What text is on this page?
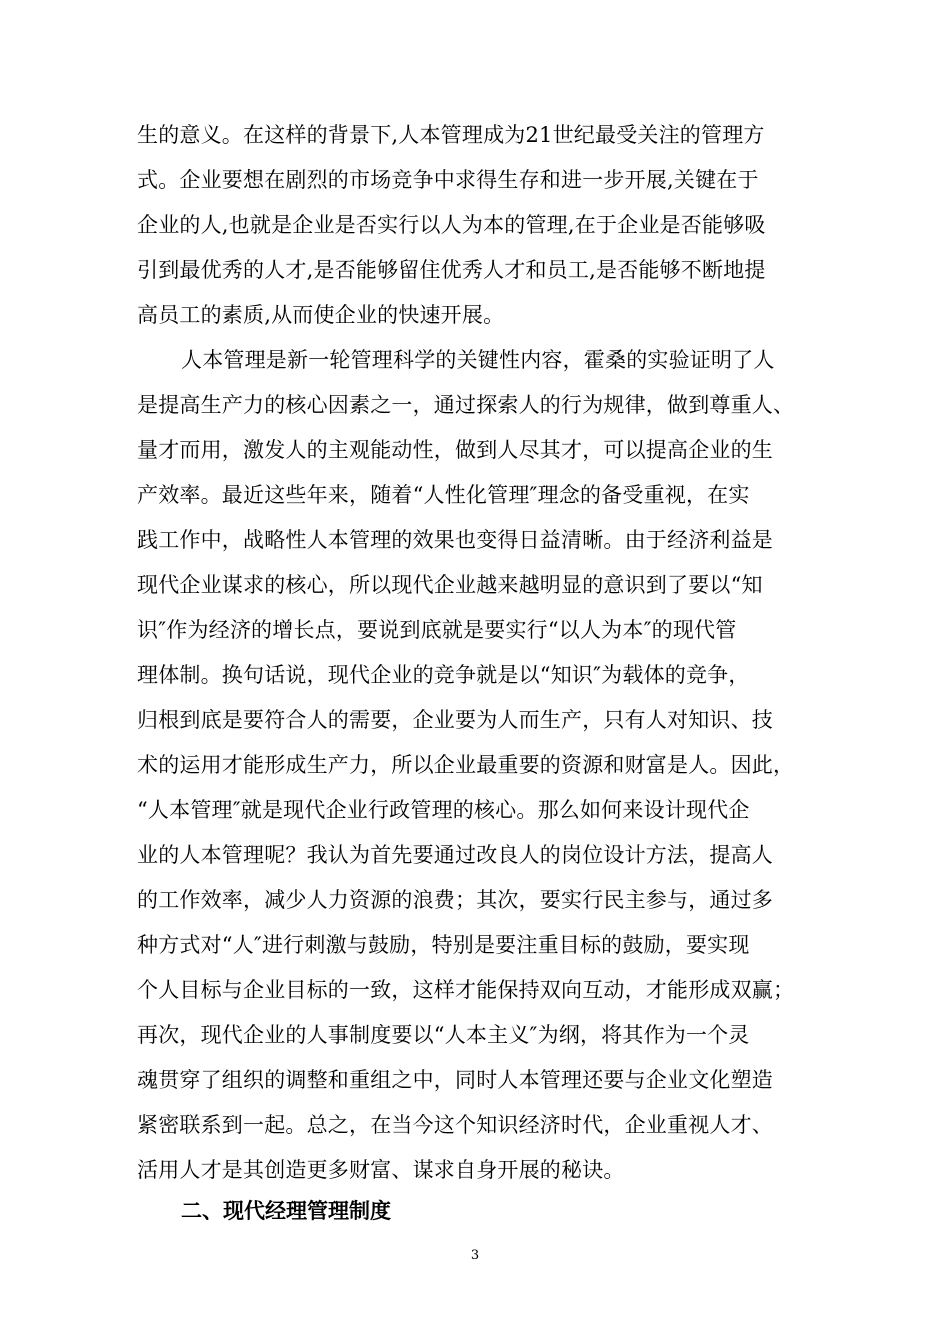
生的意义。在这样的背景下,人本管理成为21世纪最受关注的管理方
式。企业要想在剧烈的市场竞争中求得生存和进一步开展,关键在于
企业的人,也就是企业是否实行以人为本的管理,在于企业是否能够吸
引到最优秀的人才,是否能够留住优秀人才和员工,是否能够不断地提
高员工的素质,从而使企业的快速开展。
人本管理是新一轮管理科学的关键性内容，霍桑的实验证明了人
是提高生产力的核心因素之一，通过探索人的行为规律，做到尊重人、
量才而用，激发人的主观能动性，做到人尽其才，可以提高企业的生
产效率。最近这些年来，随着“人性化管理″理念的备受重视，在实
践工作中，战略性人本管理的效果也变得日益清晰。由于经济利益是
现代企业谋求的核心，所以现代企业越来越明显的意识到了要以“知
识″作为经济的增长点，要说到底就是要实行“以人为本″的现代管
理体制。换句话说，现代企业的竞争就是以“知识″为载体的竞争，
归根到底是要符合人的需要，企业要为人而生产，只有人对知识、技
术的运用才能形成生产力，所以企业最重要的资源和财富是人。因此，
“人本管理″就是现代企业行政管理的核心。那么如何来设计现代企
业的人本管理呢？我认为首先要通过改良人的岗位设计方法，提高人
的工作效率，减少人力资源的浪费；其次，要实行民主参与，通过多
种方式对“人″进行刺激与鼓励，特别是要注重目标的鼓励，要实现
个人目标与企业目标的一致，这样才能保持双向互动，才能形成双赢；
再次，现代企业的人事制度要以“人本主义″为纲，将其作为一个灵
魂贯穿了组织的调整和重组之中，同时人本管理还要与企业文化塑造
紧密联系到一起。总之，在当今这个知识经济时代，企业重视人才、
活用人才是其创造更多财富、谋求自身开展的秘诀。
二、现代经理管理制度
3
